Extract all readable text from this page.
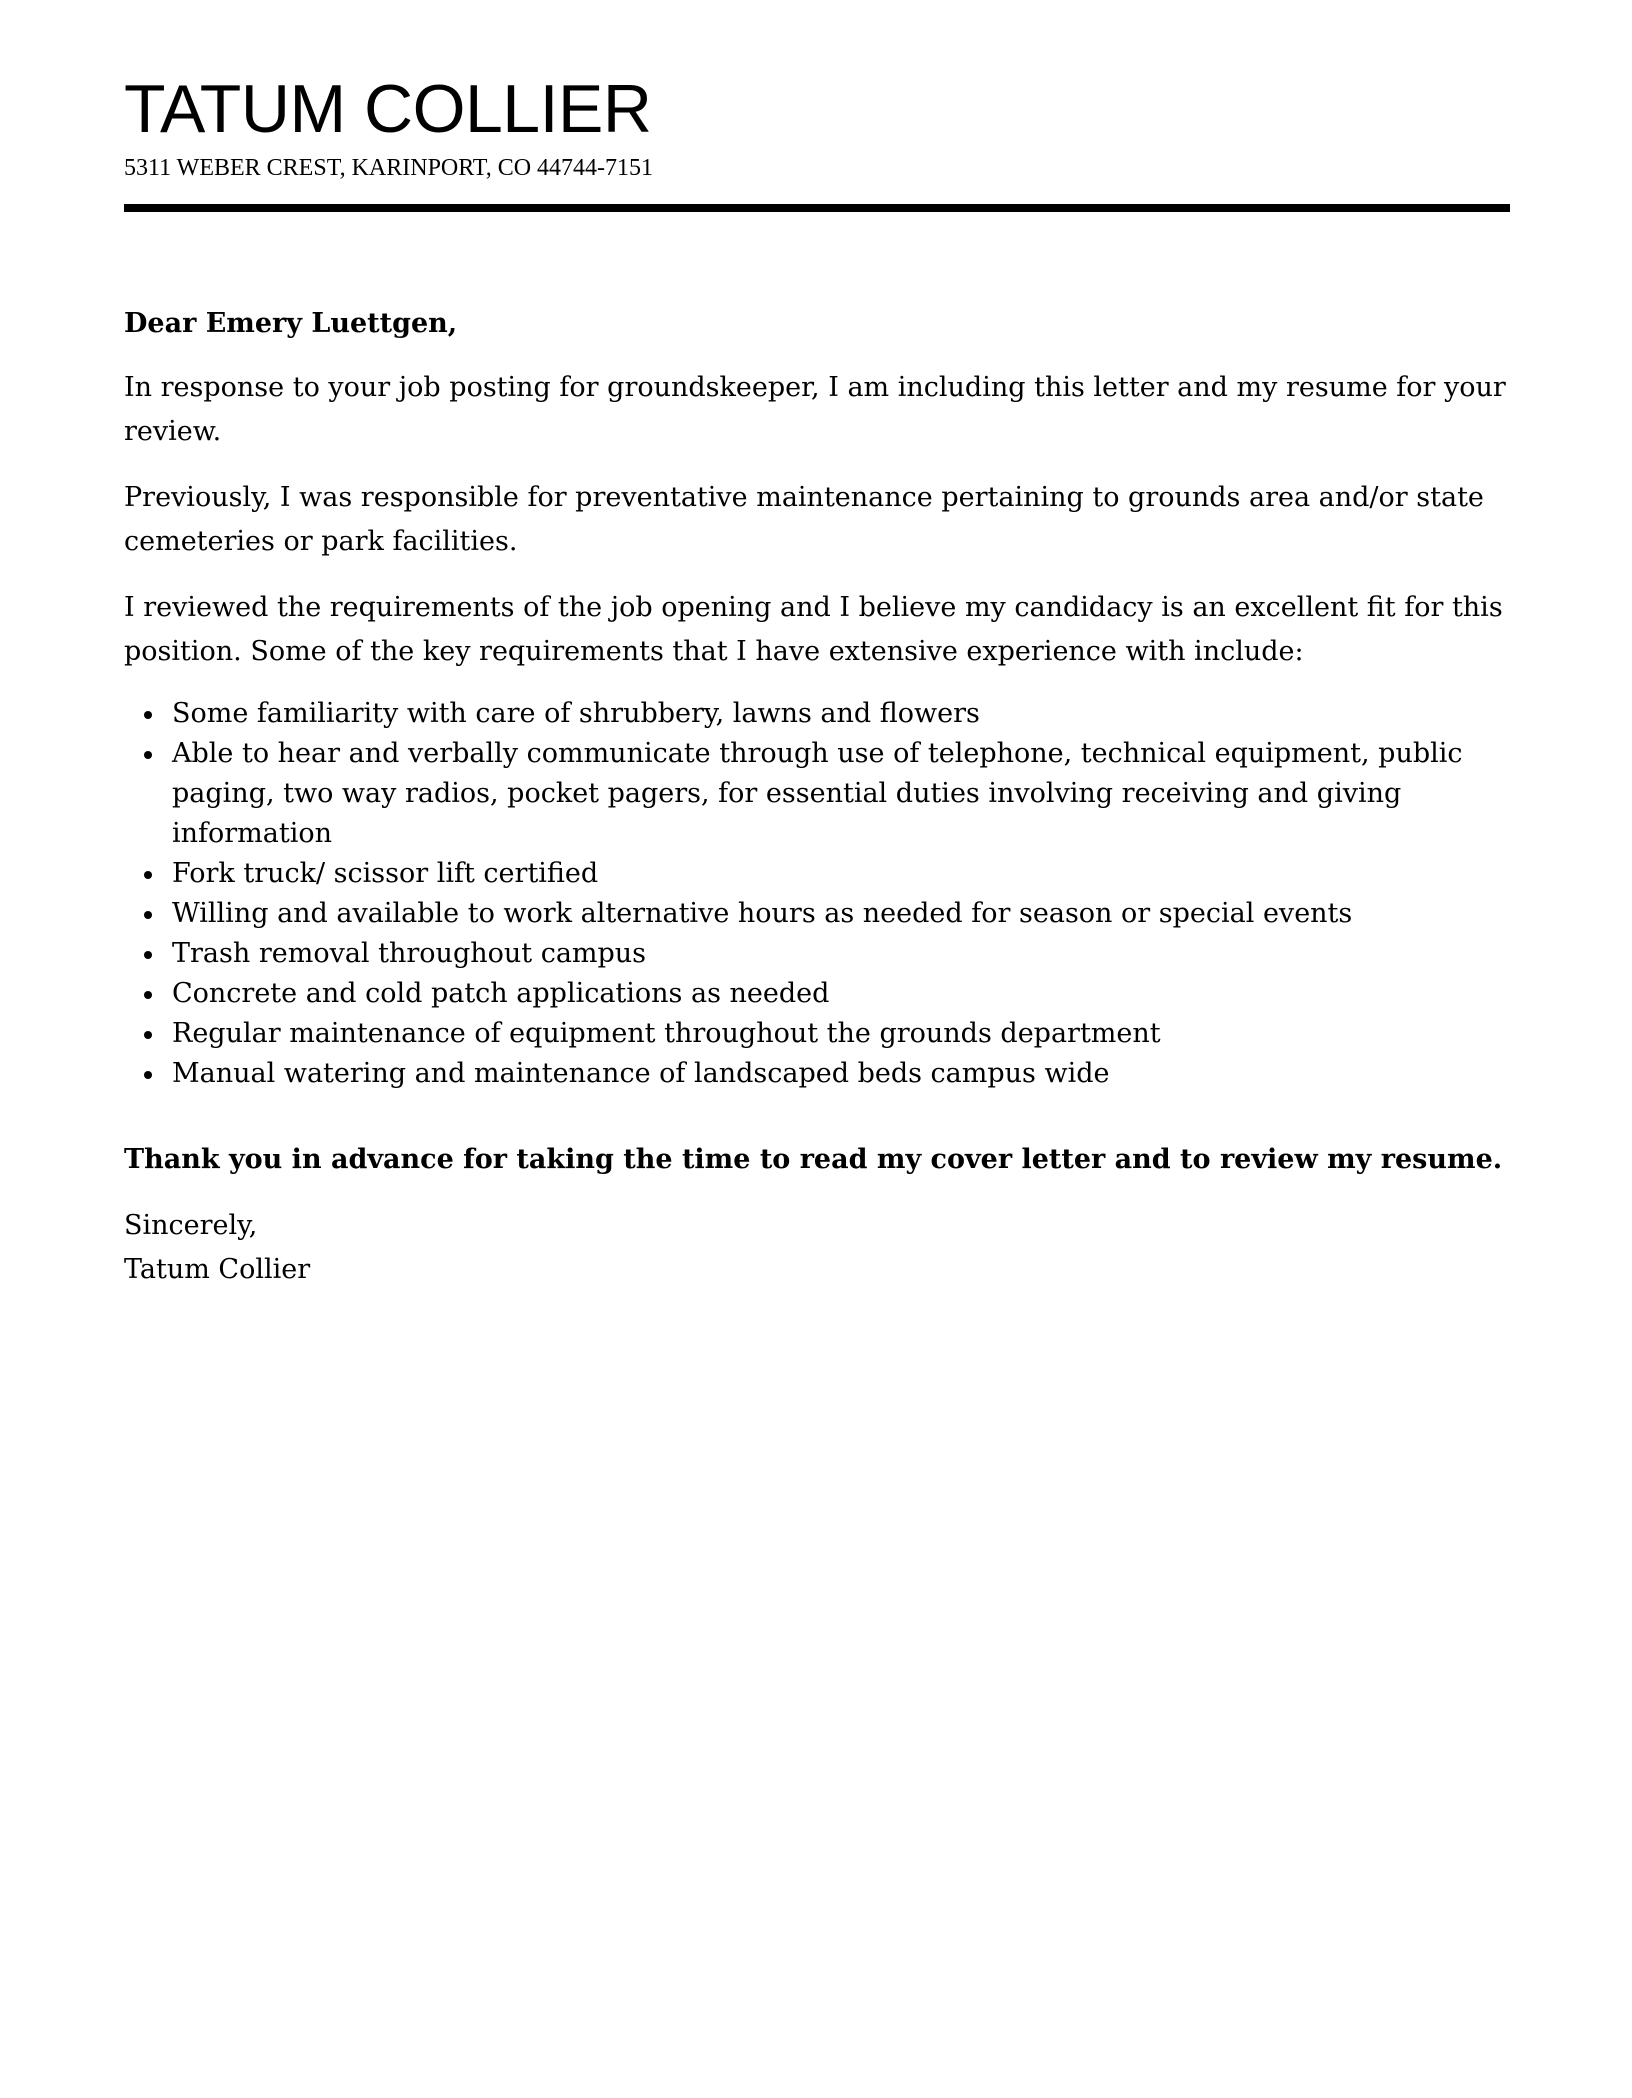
TATUM COLLIER
5311 WEBER CREST, KARINPORT, CO 44744-7151

Dear Emery Luettgen,

In response to your job posting for groundskeeper, I am including this letter and my resume for your review.

Previously, I was responsible for preventative maintenance pertaining to grounds area and/or state cemeteries or park facilities.

I reviewed the requirements of the job opening and I believe my candidacy is an excellent fit for this position. Some of the key requirements that I have extensive experience with include:

Some familiarity with care of shrubbery, lawns and flowers
Able to hear and verbally communicate through use of telephone, technical equipment, public paging, two way radios, pocket pagers, for essential duties involving receiving and giving information
Fork truck/ scissor lift certified
Willing and available to work alternative hours as needed for season or special events
Trash removal throughout campus
Concrete and cold patch applications as needed
Regular maintenance of equipment throughout the grounds department
Manual watering and maintenance of landscaped beds campus wide

Thank you in advance for taking the time to read my cover letter and to review my resume.

Sincerely,
Tatum Collier
